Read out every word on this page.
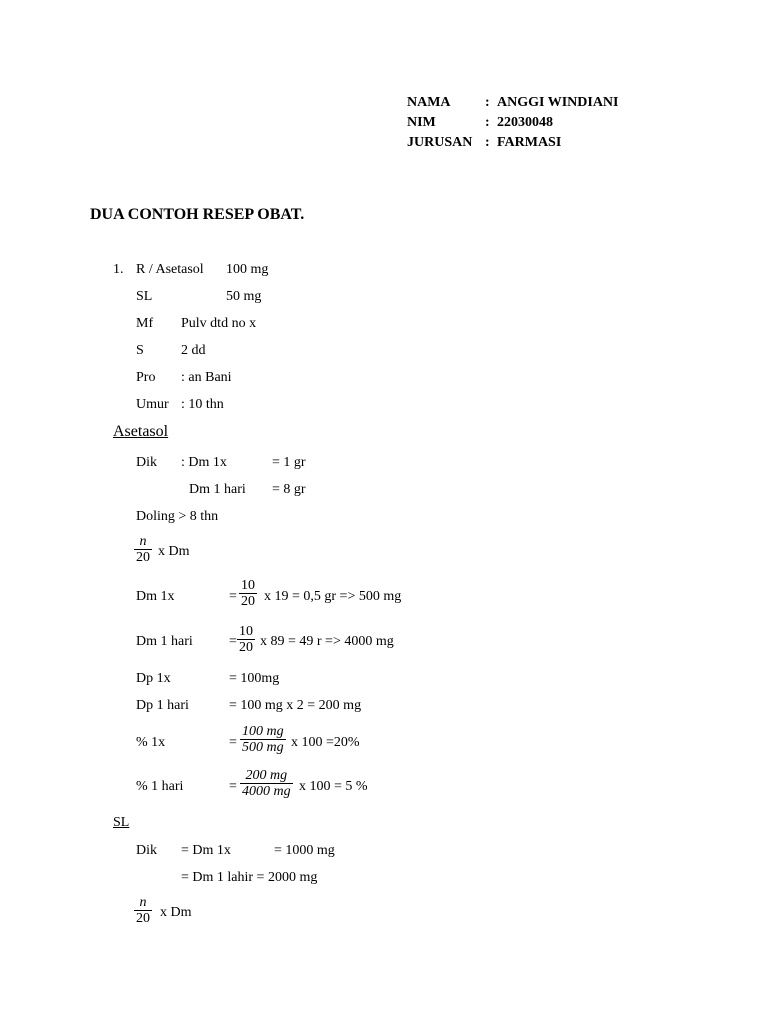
NAMA : ANGGI WINDIANI
NIM	: 22030048
JURUSAN : FARMASI
DUA CONTOH RESEP OBAT.
1. R / Asetasol 100 mg
SL	50 mg
Mf Pulv dtd no x
S	2 dd
Pro : an Bani
Umur : 10 thn
Asetasol
Dik : Dm 1x	= 1 gr
Dm 1 hari = 8 gr
Doling > 8 thn
n
20 x Dm
Dm 1x	=
10
20 x 19 = 0,5 gr => 500 mg
Dm 1 hari	=
10
20 x 89 = 49 r => 4000 mg
Dp 1x	= 100mg
Dp 1 hari	= 100 mg x 2 = 200 mg
% 1x	=
100 mg
500 mg x 100 =20%
% 1 hari	=
200 mg
4000 mg x 100 = 5 %
SL
Dik = Dm 1x	= 1000 mg
= Dm 1 lahir = 2000 mg
n
20 x Dm
